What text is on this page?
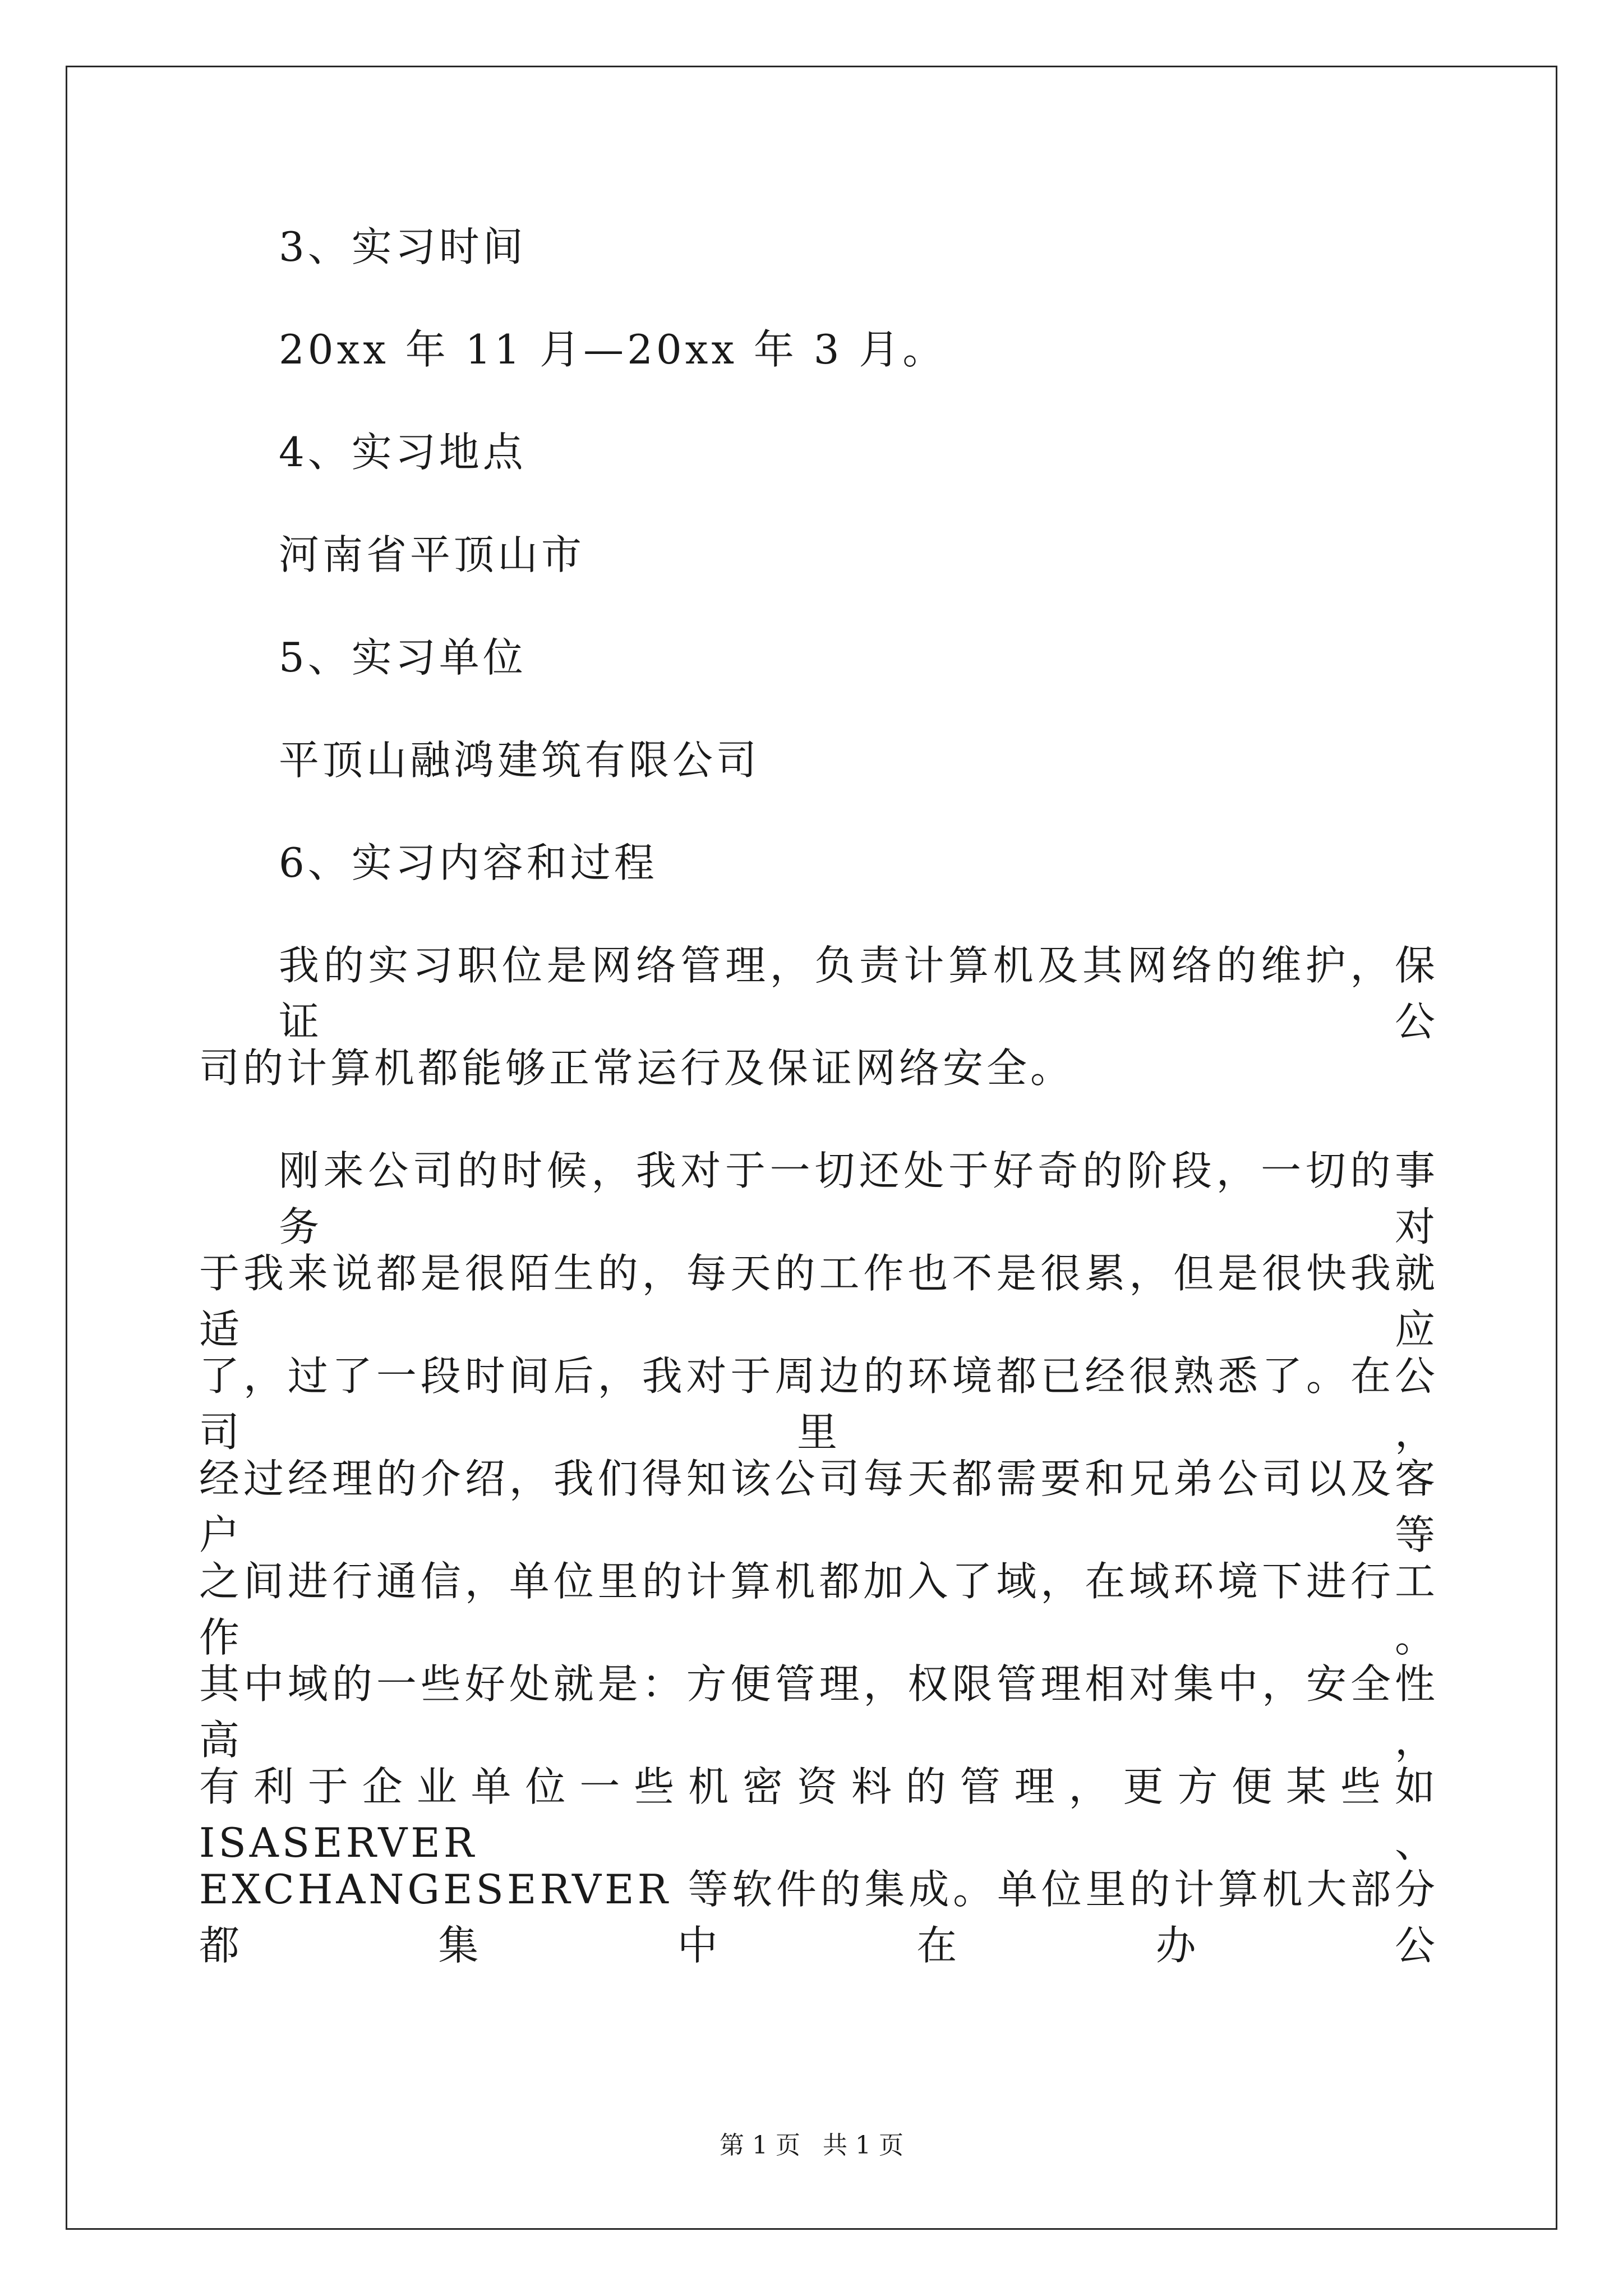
3、实习时间
20xx 年 11 月—20xx 年 3 月。
4、实习地点
河南省平顶山市
5、实习单位
平顶山融鸿建筑有限公司
6、实习内容和过程
我的实习职位是网络管理，负责计算机及其网络的维护，保证公
司的计算机都能够正常运行及保证网络安全。
刚来公司的时候，我对于一切还处于好奇的阶段，一切的事务对
于我来说都是很陌生的，每天的工作也不是很累，但是很快我就适应
了，过了一段时间后，我对于周边的环境都已经很熟悉了。在公司里，
经过经理的介绍，我们得知该公司每天都需要和兄弟公司以及客户等
之间进行通信，单位里的计算机都加入了域，在域环境下进行工作。
其中域的一些好处就是：方便管理，权限管理相对集中，安全性高，
有利于企业单位一些机密资料的管理，更方便某些如 ISASERVER、
EXCHANGESERVER 等软件的集成。单位里的计算机大部分都集中在办公
第 1 页 共 1 页
